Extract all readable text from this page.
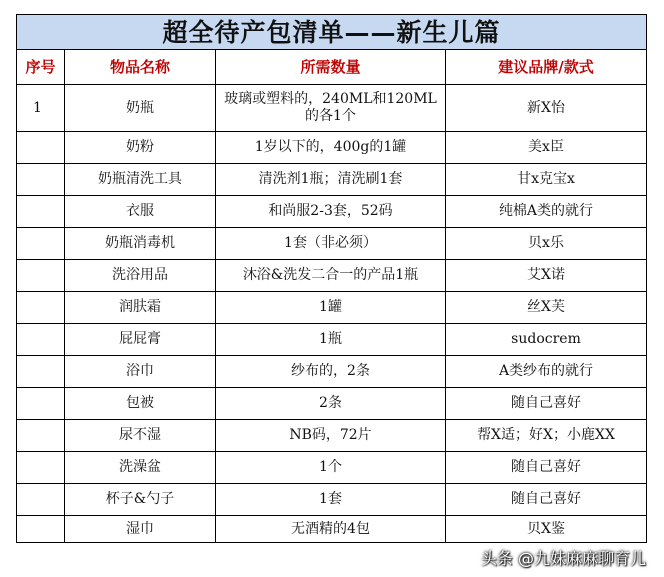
超全待产包清单——新生儿篇			
序号	物品名称	所需数量	建议品牌/款式
1	奶瓶	玻璃或塑料的，240ML和120ML的各1个	新X怡
	奶粉	1岁以下的，400g的1罐	美x臣
	奶瓶清洗工具	清洗剂1瓶；清洗刷1套	甘x克宝x
	衣服	和尚服2-3套，52码	纯棉A类的就行
	奶瓶消毒机	1套（非必须）	贝x乐
	洗浴用品	沐浴&洗发二合一的产品1瓶	艾X诺
	润肤霜	1罐	丝X芙
	屁屁膏	1瓶	sudocrem
	浴巾	纱布的，2条	A类纱布的就行
	包被	2条	随自己喜好
	尿不湿	NB码，72片	帮X适；好X；小鹿XX
	洗澡盆	1个	随自己喜好
	杯子&勺子	1套	随自己喜好
	湿巾	无酒精的4包	贝X鉴
头条 @九妹麻麻聊育儿
